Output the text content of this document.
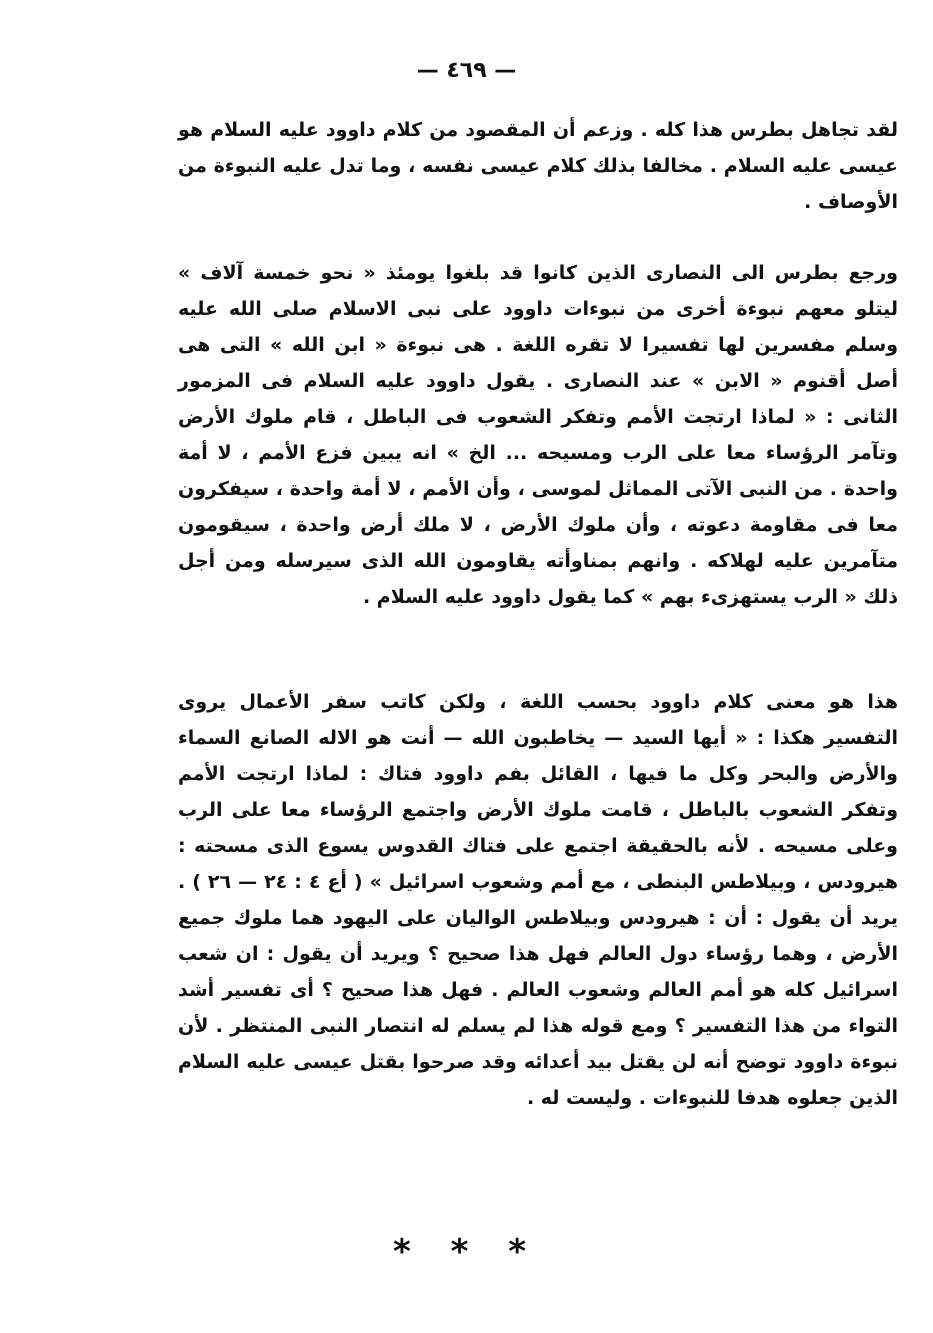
— ٤٦٩ —

لقد تجاهل بطرس هذا كله . وزعم أن المقصود من كلام داوود عليه السلام هو عيسى عليه السلام . مخالفا بذلك كلام عيسى نفسه ، وما تدل عليه النبوءة من الأوصاف .

ورجع بطرس الى النصارى الذين كانوا قد بلغوا يومئذ « نحو خمسة آلاف » ليتلو معهم نبوءة أخرى من نبوءات داوود على نبى الاسلام صلى الله عليه وسلم مفسرين لها تفسيرا لا تقره اللغة . هى نبوءة « ابن الله » التى هى أصل أقنوم « الابن » عند النصارى . يقول داوود عليه السلام فى المزمور الثانى : « لماذا ارتجت الأمم وتفكر الشعوب فى الباطل ، قام ملوك الأرض وتآمر الرؤساء معا على الرب ومسيحه ... الخ » انه يبين فزع الأمم ، لا أمة واحدة . من النبى الآتى المماثل لموسى ، وأن الأمم ، لا أمة واحدة ، سيفكرون معا فى مقاومة دعوته ، وأن ملوك الأرض ، لا ملك أرض واحدة ، سيقومون متآمرين عليه لهلاكه . وانهم بمناوأته يقاومون الله الذى سيرسله ومن أجل ذلك « الرب يستهزىء بهم » كما يقول داوود عليه السلام .

هذا هو معنى كلام داوود بحسب اللغة ، ولكن كاتب سفر الأعمال يروى التفسير هكذا : « أيها السيد — يخاطبون الله — أنت هو الاله الصانع السماء والأرض والبحر وكل ما فيها ، القائل بفم داوود فتاك : لماذا ارتجت الأمم وتفكر الشعوب بالباطل ، قامت ملوك الأرض واجتمع الرؤساء معا على الرب وعلى مسيحه . لأنه بالحقيقة اجتمع على فتاك القدوس يسوع الذى مسحته : هيرودس ، وبيلاطس البنطى ، مع أمم وشعوب اسرائيل » ( أع ٤ : ٢٤ — ٢٦ ) . يريد أن يقول : أن : هيرودس وبيلاطس الواليان على اليهود هما ملوك جميع الأرض ، وهما رؤساء دول العالم فهل هذا صحيح ؟ ويريد أن يقول : ان شعب اسرائيل كله هو أمم العالم وشعوب العالم . فهل هذا صحيح ؟ أى تفسير أشد التواء من هذا التفسير ؟ ومع قوله هذا لم يسلم له انتصار النبى المنتظر . لأن نبوءة داوود توضح أنه لن يقتل بيد أعدائه وقد صرحوا بقتل عيسى عليه السلام الذين جعلوه هدفا للنبوءات . وليست له .

* * *
